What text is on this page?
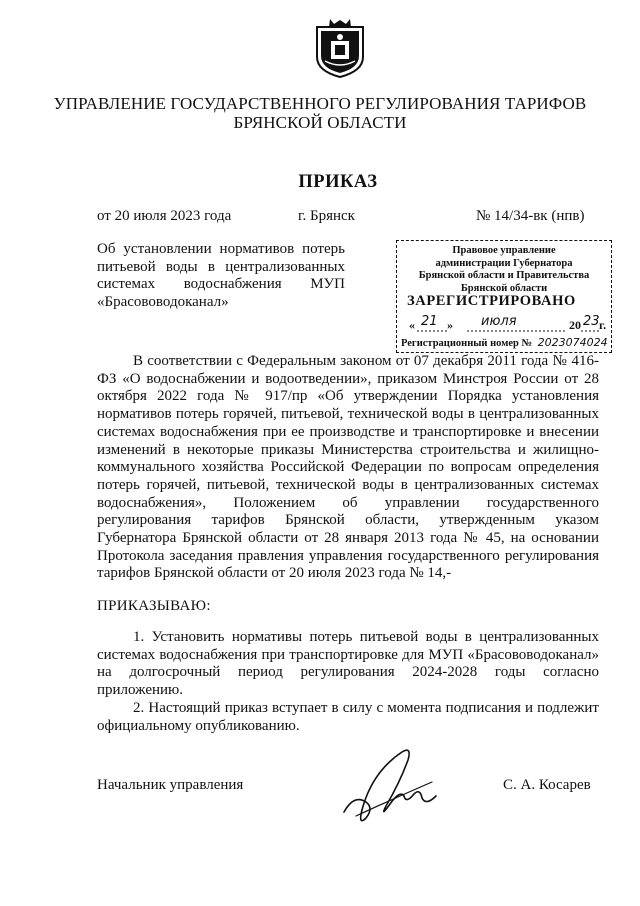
УПРАВЛЕНИЕ ГОСУДАРСТВЕННОГО РЕГУЛИРОВАНИЯ ТАРИФОВ
БРЯНСКОЙ ОБЛАСТИ
ПРИКАЗ
от 20 июля 2023 года	г. Брянск	№ 14/34-вк (нпв)
Об установлении нормативов потерь
питьевой воды в централизованных
системах водоснабжения МУП
«Брасововодоканал»
Правовое управление
администрации Губернатора
Брянской области и Правительства
Брянской области
ЗАРЕГИСТРИРОВАНО
« 21 » июля	20 23 г.
Регистрационный номер № 2023074024

В соответствии с Федеральным законом от 07 декабря 2011 года № 416-ФЗ «О водоснабжении и водоотведении», приказом Минстроя России от 28 октября 2022 года № 917/пр «Об утверждении Порядка установления нормативов потерь горячей, питьевой, технической воды в централизованных системах водоснабжения при ее производстве и транспортировке и внесении изменений в некоторые приказы Министерства строительства и жилищно-коммунального хозяйства Российской Федерации по вопросам определения потерь горячей, питьевой, технической воды в централизованных системах водоснабжения», Положением об управлении государственного регулирования тарифов Брянской области, утвержденным указом Губернатора Брянской области от 28 января 2013 года № 45, на основании Протокола заседания правления управления государственного регулирования тарифов Брянской области от 20 июля 2023 года № 14,-

ПРИКАЗЫВАЮ:

1. Установить нормативы потерь питьевой воды в централизованных системах водоснабжения при транспортировке для МУП «Брасововодоканал» на долгосрочный период регулирования 2024-2028 годы согласно приложению.

2. Настоящий приказ вступает в силу с момента подписания и подлежит официальному опубликованию.

Начальник управления	С. А. Косарев
